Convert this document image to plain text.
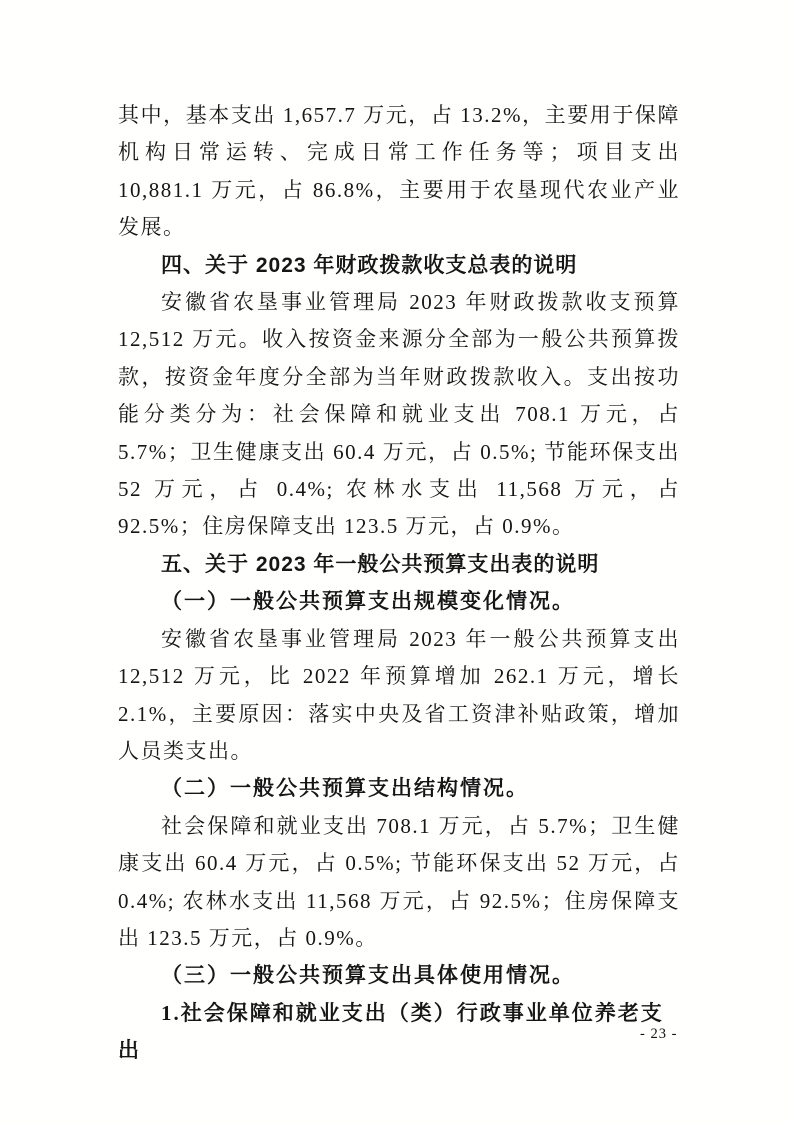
其中，基本支出 1,657.7 万元，占 13.2%，主要用于保障机构日常运转、完成日常工作任务等；项目支出 10,881.1 万元，占 86.8%，主要用于农垦现代农业产业发展。

四、关于 2023 年财政拨款收支总表的说明

安徽省农垦事业管理局 2023 年财政拨款收支预算 12,512 万元。收入按资金来源分全部为一般公共预算拨款，按资金年度分全部为当年财政拨款收入。支出按功能分类分为：社会保障和就业支出 708.1 万元，占 5.7%；卫生健康支出 60.4 万元，占 0.5%; 节能环保支出 52 万元，占 0.4%; 农林水支出 11,568 万元，占 92.5%；住房保障支出 123.5 万元，占 0.9%。

五、关于 2023 年一般公共预算支出表的说明

（一）一般公共预算支出规模变化情况。

安徽省农垦事业管理局 2023 年一般公共预算支出 12,512 万元，比 2022 年预算增加 262.1 万元，增长 2.1%，主要原因：落实中央及省工资津补贴政策，增加人员类支出。

（二）一般公共预算支出结构情况。

社会保障和就业支出 708.1 万元，占 5.7%；卫生健康支出 60.4 万元，占 0.5%; 节能环保支出 52 万元，占 0.4%; 农林水支出 11,568 万元，占 92.5%；住房保障支出 123.5 万元，占 0.9%。

（三）一般公共预算支出具体使用情况。

1.社会保障和就业支出（类）行政事业单位养老支出

- 23 -
